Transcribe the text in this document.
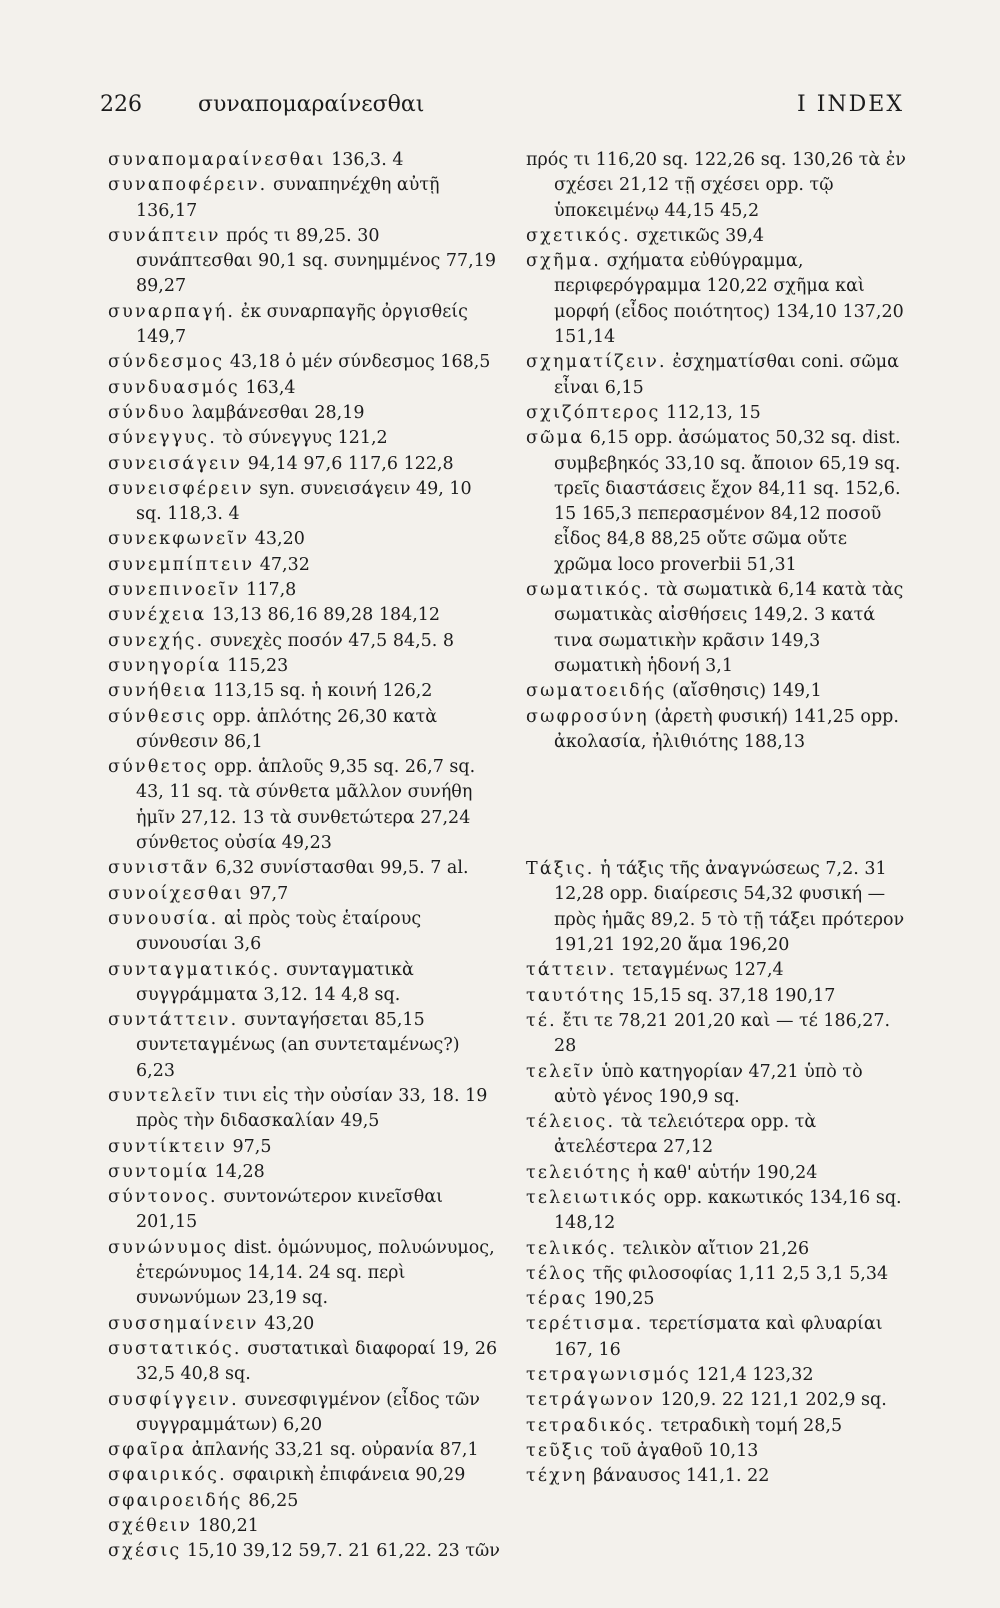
226	συναπομαραίνεσθαι	I INDEX

συναπομαραίνεσθαι 136,3. 4

συναποφέρειν. συναπηνέχθη αὐτῇ 136,17

συνάπτειν πρός τι 89,25. 30 συνάπτεσθαι 90,1 sq. συνημμένος 77,19 89,27

συναρπαγή. ἐκ συναρπαγῆς ὀργισθείς 149,7

σύνδεσμος 43,18 ὁ μέν σύνδεσμος 168,5

συνδυασμός 163,4

σύνδυο λαμβάνεσθαι 28,19

σύνεγγυς. τὸ σύνεγγυς 121,2

συνεισάγειν 94,14 97,6 117,6 122,8

συνεισφέρειν syn. συνεισάγειν 49, 10 sq. 118,3. 4

συνεκφωνεῖν 43,20

συνεμπίπτειν 47,32

συνεπινοεῖν 117,8

συνέχεια 13,13 86,16 89,28 184,12

συνεχής. συνεχὲς ποσόν 47,5 84,5. 8

συνηγορία 115,23

συνήθεια 113,15 sq. ἡ κοινή 126,2

σύνθεσις opp. ἁπλότης 26,30 κατὰ σύνθεσιν 86,1

σύνθετος opp. ἁπλοῦς 9,35 sq. 26,7 sq. 43, 11 sq. τὰ σύνθετα μᾶλλον συνήθη ἡμῖν 27,12. 13 τὰ συνθετώτερα 27,24 σύνθετος οὐσία 49,23

συνιστᾶν 6,32 συνίστασθαι 99,5. 7 al.

συνοίχεσθαι 97,7

συνουσία. αἱ πρὸς τοὺς ἑταίρους συνουσίαι 3,6

συνταγματικός. συνταγματικὰ συγγράμματα 3,12. 14 4,8 sq.

συντάττειν. συνταγήσεται 85,15 συντεταγμένως (an συντεταμένως?) 6,23

συντελεῖν τινι εἰς τὴν οὐσίαν 33, 18. 19 πρὸς τὴν διδασκαλίαν 49,5

συντίκτειν 97,5

συντομία 14,28

σύντονος. συντονώτερον κινεῖσθαι 201,15

συνώνυμος dist. ὁμώνυμος, πολυώνυμος, ἑτερώνυμος 14,14. 24 sq. περὶ συνωνύμων 23,19 sq.

συσσημαίνειν 43,20

συστατικός. συστατικαὶ διαφοραί 19, 26 32,5 40,8 sq.

συσφίγγειν. συνεσφιγμένον (εἶδος τῶν συγγραμμάτων) 6,20

σφαῖρα ἀπλανής 33,21 sq. οὐρανία 87,1

σφαιρικός. σφαιρικὴ ἐπιφάνεια 90,29

σφαιροειδής 86,25

σχέθειν 180,21

σχέσις 15,10 39,12 59,7. 21 61,22. 23 τῶν

πρός τι 116,20 sq. 122,26 sq. 130,26 τὰ ἐν σχέσει 21,12 τῇ σχέσει opp. τῷ ὑποκειμένῳ 44,15 45,2

σχετικός. σχετικῶς 39,4

σχῆμα. σχήματα εὐθύγραμμα, περιφερόγραμμα 120,22 σχῆμα καὶ μορφή (εἶδος ποιότητος) 134,10 137,20 151,14

σχηματίζειν. ἐσχηματίσθαι coni. σῶμα εἶναι 6,15

σχιζόπτερος 112,13, 15

σῶμα 6,15 opp. ἀσώματος 50,32 sq. dist. συμβεβηκός 33,10 sq. ἄποιον 65,19 sq. τρεῖς διαστάσεις ἔχον 84,11 sq. 152,6. 15 165,3 πεπερασμένον 84,12 ποσοῦ εἶδος 84,8 88,25 οὔτε σῶμα οὔτε χρῶμα loco proverbii 51,31

σωματικός. τὰ σωματικὰ 6,14 κατὰ τὰς σωματικὰς αἰσθήσεις 149,2. 3 κατά τινα σωματικὴν κρᾶσιν 149,3 σωματικὴ ἡδονή 3,1

σωματοειδής (αἴσθησις) 149,1

σωφροσύνη (ἀρετὴ φυσική) 141,25 opp. ἀκολασία, ἠλιθιότης 188,13

Τάξις. ἡ τάξις τῆς ἀναγνώσεως 7,2. 31 12,28 opp. διαίρεσις 54,32 φυσική — πρὸς ἡμᾶς 89,2. 5 τὸ τῇ τάξει πρότερον 191,21 192,20 ἅμα 196,20

τάττειν. τεταγμένως 127,4

ταυτότης 15,15 sq. 37,18 190,17

τέ. ἔτι τε 78,21 201,20 καὶ — τέ 186,27. 28

τελεῖν ὑπὸ κατηγορίαν 47,21 ὑπὸ τὸ αὐτὸ γένος 190,9 sq.

τέλειος. τὰ τελειότερα opp. τὰ ἀτελέστερα 27,12

τελειότης ἡ καθ' αὑτήν 190,24

τελειωτικός opp. κακωτικός 134,16 sq. 148,12

τελικός. τελικὸν αἴτιον 21,26

τέλος τῆς φιλοσοφίας 1,11 2,5 3,1 5,34

τέρας 190,25

τερέτισμα. τερετίσματα καὶ φλυαρίαι 167, 16

τετραγωνισμός 121,4 123,32

τετράγωνον 120,9. 22 121,1 202,9 sq.

τετραδικός. τετραδικὴ τομή 28,5

τεῦξις τοῦ ἀγαθοῦ 10,13

τέχνη βάναυσος 141,1. 22
